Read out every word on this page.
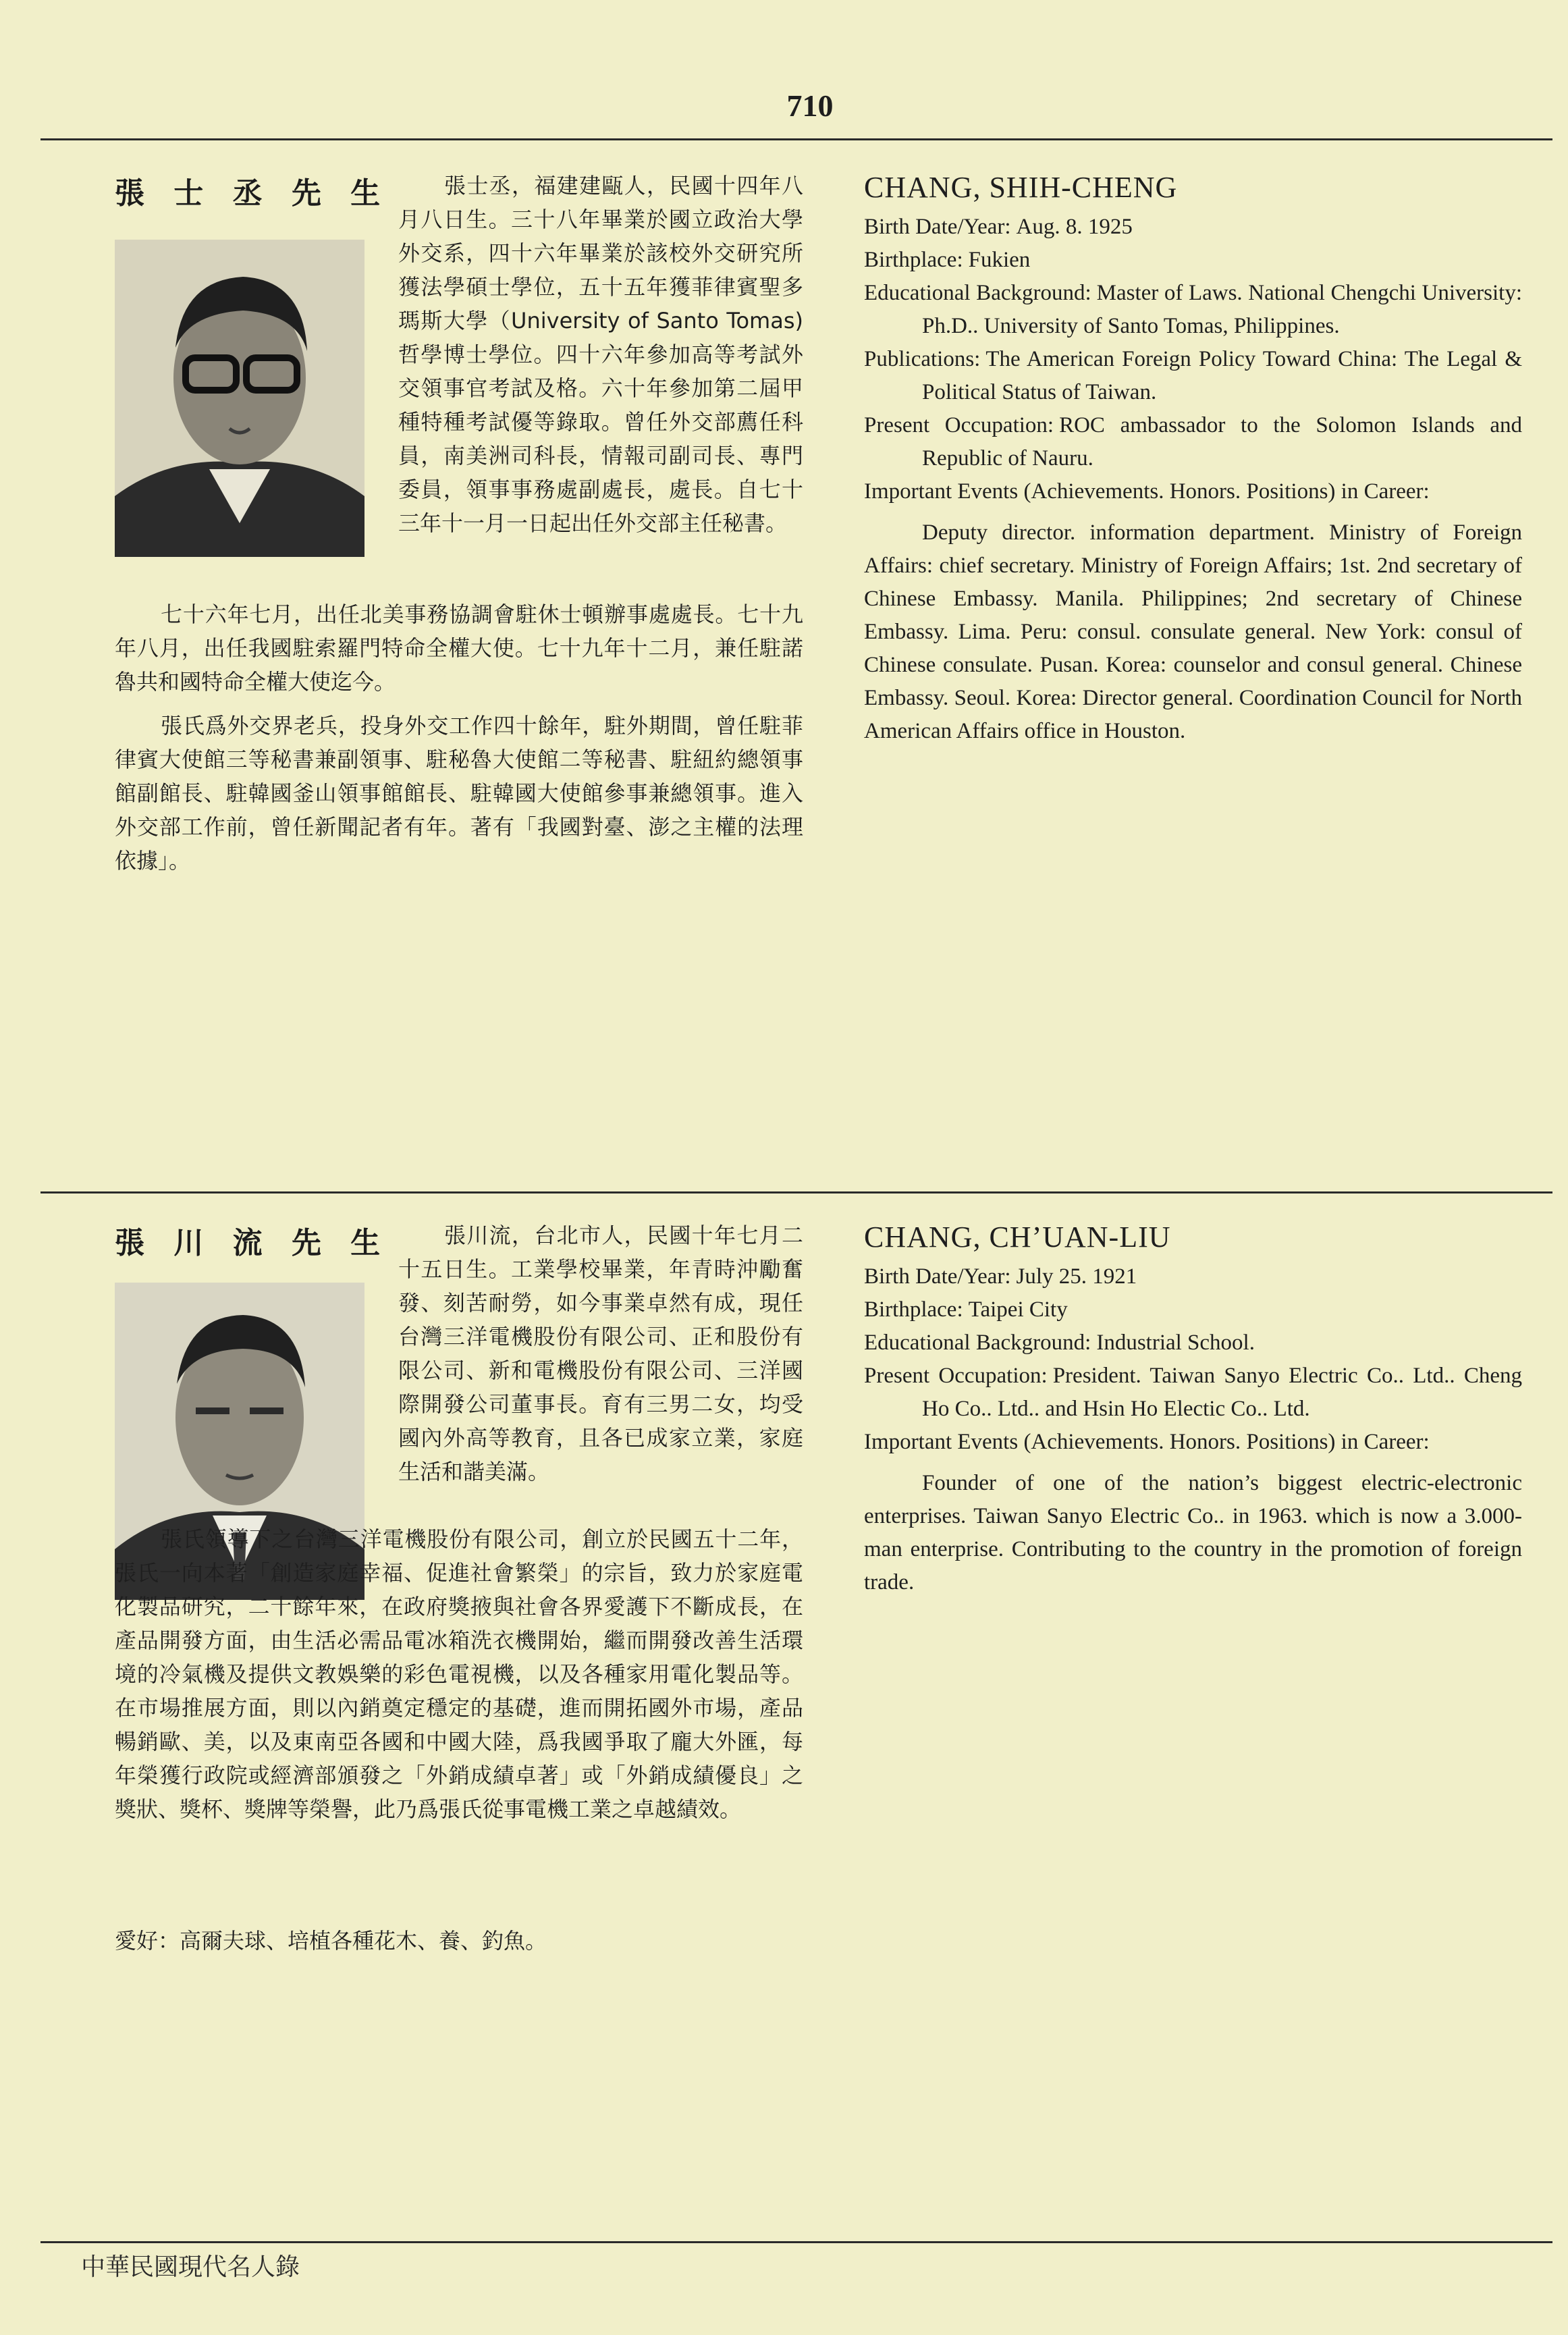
710
中華民國現代名人錄
張 士 丞 先 生	張士丞，福建建甌人，民國十四年八月八日生。三十八年畢業於國立政治大學外交系，四十六年畢業於該校外交研究所獲法學碩士學位，五十五年獲菲律賓聖多瑪斯大學（University of Santo Tomas)哲學博士學位。四十六年參加高等考試外交領事官考試及格。六十年參加第二屆甲種特種考試優等錄取。曾任外交部薦任科員，南美洲司科長，情報司副司長、專門委員，領事事務處副處長，處長。自七十三年十一月一日起出任外交部主任秘書。

七十六年七月，出任北美事務協調會駐休士頓辦事處處長。七十九年八月，出任我國駐索羅門特命全權大使。七十九年十二月，兼任駐諾魯共和國特命全權大使迄今。

張氏爲外交界老兵，投身外交工作四十餘年，駐外期間，曾任駐菲律賓大使館三等秘書兼副領事、駐秘魯大使館二等秘書、駐紐約總領事館副館長、駐韓國釜山領事館館長、駐韓國大使館參事兼總領事。進入外交部工作前，曾任新聞記者有年。著有「我國對臺、澎之主權的法理依據」。

CHANG, SHIH-CHENG

Birth Date/Year: Aug. 8. 1925

Birthplace: Fukien

Educational Background: Master of Laws. National Chengchi University: Ph.D.. University of Santo Tomas, Philippines.

Publications: The American Foreign Policy Toward China: The Legal & Political Status of Taiwan.

Present Occupation: ROC ambassador to the Solomon Islands and Republic of Nauru.

Important Events (Achievements. Honors. Positions) in Career:

Deputy director. information department. Ministry of Foreign Affairs: chief secretary. Ministry of Foreign Affairs; 1st. 2nd secretary of Chinese Embassy. Manila. Philippines; 2nd secretary of Chinese Embassy. Lima. Peru: consul. consulate general. New York: consul of Chinese consulate. Pusan. Korea: counselor and consul general. Chinese Embassy. Seoul. Korea: Director general. Coordination Council for North American Affairs office in Houston.

張 川 流 先 生	張川流，台北市人，民國十年七月二十五日生。工業學校畢業，年青時沖勵奮發、刻苦耐勞，如今事業卓然有成，現任台灣三洋電機股份有限公司、正和股份有限公司、新和電機股份有限公司、三洋國際開發公司董事長。育有三男二女，均受國內外高等教育，且各已成家立業，家庭生活和諧美滿。

張氏領導下之台灣三洋電機股份有限公司，創立於民國五十二年，張氏一向本著「創造家庭幸福、促進社會繁榮」的宗旨，致力於家庭電化製品研究，二十餘年來，在政府獎掖與社會各界愛護下不斷成長，在產品開發方面，由生活必需品電冰箱洗衣機開始，繼而開發改善生活環境的冷氣機及提供文教娛樂的彩色電視機，以及各種家用電化製品等。在市場推展方面，則以內銷奠定穩定的基礎，進而開拓國外市場，產品暢銷歐、美，以及東南亞各國和中國大陸，爲我國爭取了龐大外匯，每年榮獲行政院或經濟部頒發之「外銷成績卓著」或「外銷成績優良」之獎狀、獎杯、獎牌等榮譽，此乃爲張氏從事電機工業之卓越績效。

愛好：高爾夫球、培植各種花木、養、釣魚。

CHANG, CH’UAN-LIU

Birth Date/Year: July 25. 1921

Birthplace: Taipei City

Educational Background: Industrial School.

Present Occupation: President. Taiwan Sanyo Electric Co.. Ltd.. Cheng Ho Co.. Ltd.. and Hsin Ho Electic Co.. Ltd.

Important Events (Achievements. Honors. Positions) in Career:

Founder of one of the nation’s biggest electric-electronic enterprises. Taiwan Sanyo Electric Co.. in 1963. which is now a 3.000-man enterprise. Contributing to the country in the promotion of foreign trade.
